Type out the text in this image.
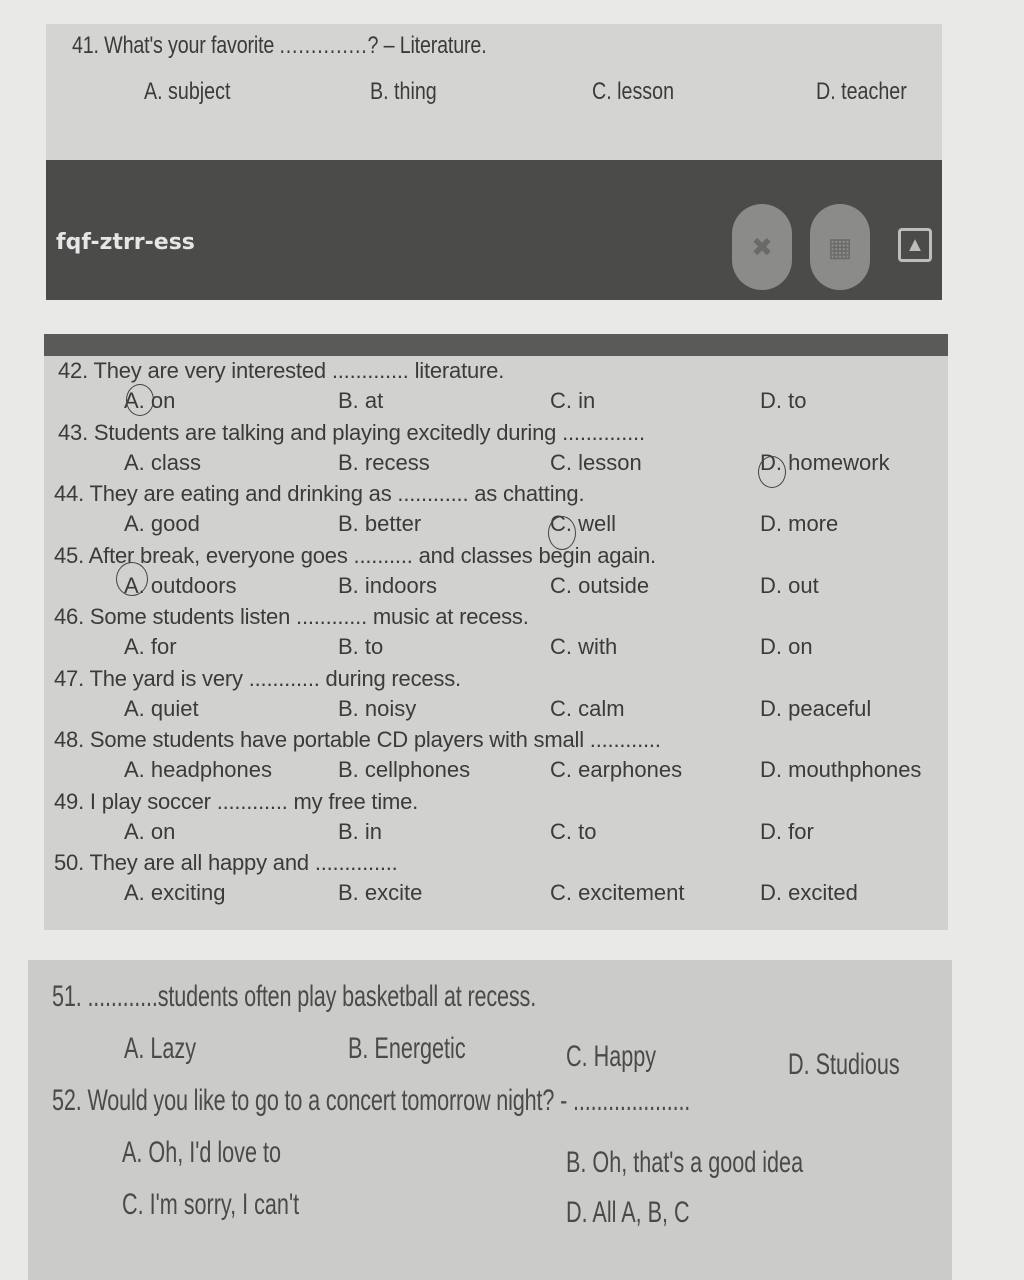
41. What's your favorite ..............? – Literature.
A. subject	B. thing	C. lesson	D. teacher
fqf-ztrr-ess	✖ ▦	▲
42. They are very interested ............. literature.
A. on	B. at	C. in	D. to
43. Students are talking and playing excitedly during ..............
A. class	B. recess	C. lesson	D. homework
44. They are eating and drinking as ............ as chatting.
A. good	B. better	C. well	D. more
45. After break, everyone goes .......... and classes begin again.
A. outdoors	B. indoors	C. outside	D. out
46. Some students listen ............ music at recess.
A. for	B. to	C. with	D. on
47. The yard is very ............ during recess.
A. quiet	B. noisy	C. calm	D. peaceful
48. Some students have portable CD players with small ............
A. headphones	B. cellphones	C. earphones	D. mouthphones
49. I play soccer ............ my free time.
A. on	B. in	C. to	D. for
50. They are all happy and ..............
A. exciting	B. excite	C. excitement	D. excited
51. ............students often play basketball at recess.
A. Lazy	B. Energetic	C. Happy	D. Studious
52. Would you like to go to a concert tomorrow night? - ....................
A. Oh, I'd love to	B. Oh, that's a good idea
C. I'm sorry, I can't	D. All A, B, C
